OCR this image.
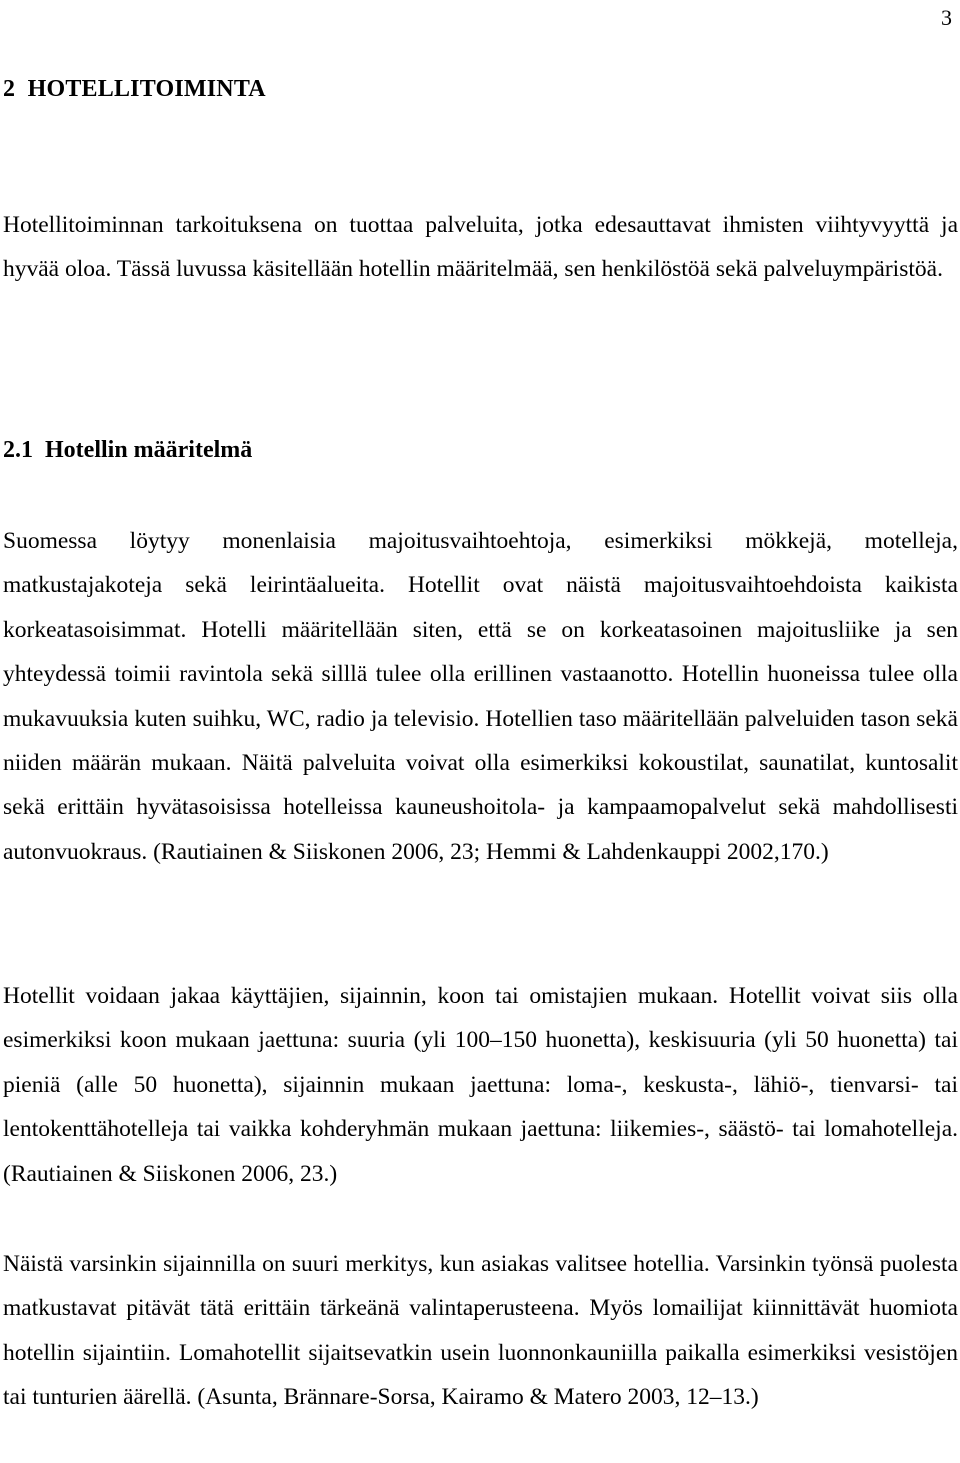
3
2  HOTELLITOIMINTA

Hotellitoiminnan tarkoituksena on tuottaa palveluita, jotka edesauttavat ihmisten viihtyvyyttä ja hyvää oloa. Tässä luvussa käsitellään hotellin määritelmää, sen henkilöstöä sekä palveluympäristöä.

2.1  Hotellin määritelmä

Suomessa löytyy monenlaisia majoitusvaihtoehtoja, esimerkiksi mökkejä, motelleja, matkustajakoteja sekä leirintäalueita. Hotellit ovat näistä majoitusvaihtoehdoista kaikista korkeatasoisimmat. Hotelli määritellään siten, että se on korkeatasoinen majoitusliike ja sen yhteydessä toimii ravintola sekä silllä tulee olla erillinen vastaanotto. Hotellin huoneissa tulee olla mukavuuksia kuten suihku, WC, radio ja televisio. Hotellien taso määritellään palveluiden tason sekä niiden määrän mukaan. Näitä palveluita voivat olla esimerkiksi kokoustilat, saunatilat, kuntosalit sekä erittäin hyvätasoisissa hotelleissa kauneushoitola- ja kampaamopalvelut sekä mahdollisesti autonvuokraus. (Rautiainen & Siiskonen 2006, 23; Hemmi & Lahdenkauppi 2002,170.)

Hotellit voidaan jakaa käyttäjien, sijainnin, koon tai omistajien mukaan. Hotellit voivat siis olla esimerkiksi koon mukaan jaettuna: suuria (yli 100–150 huonetta), keskisuuria (yli 50 huonetta) tai pieniä (alle 50 huonetta), sijainnin mukaan jaettuna: loma-, keskusta-, lähiö-, tienvarsi- tai lentokenttähotelleja tai vaikka kohderyhmän mukaan jaettuna: liikemies-, säästö- tai lomahotelleja. (Rautiainen & Siiskonen 2006, 23.)

Näistä varsinkin sijainnilla on suuri merkitys, kun asiakas valitsee hotellia. Varsinkin työnsä puolesta matkustavat pitävät tätä erittäin tärkeänä valintaperusteena. Myös lomailijat kiinnittävät huomiota hotellin sijaintiin. Lomahotellit sijaitsevatkin usein luonnonkauniilla paikalla esimerkiksi vesistöjen tai tunturien äärellä. (Asunta, Brännare-Sorsa, Kairamo & Matero 2003, 12–13.)
